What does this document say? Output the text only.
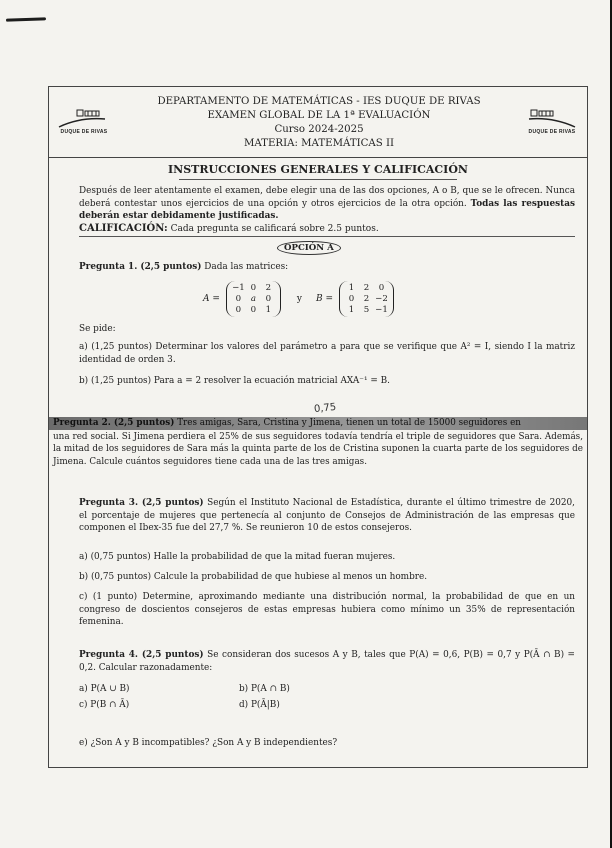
DUQUE DE RIVAS	DUQUE DE RIVAS
DEPARTAMENTO DE MATEMÁTICAS - IES DUQUE DE RIVAS
EXAMEN GLOBAL DE LA 1ª EVALUACIÓN
Curso 2024-2025
MATERIA: MATEMÁTICAS II
INSTRUCCIONES GENERALES Y CALIFICACIÓN

Después de leer atentamente el examen, debe elegir una de las dos opciones, A o B, que se le ofrecen. Nunca deberá contestar unos ejercicios de una opción y otros ejercicios de la otra opción. Todas las respuestas deberán estar debidamente justificadas.

CALIFICACIÓN: Cada pregunta se calificará sobre 2.5 puntos.
OPCIÓN A

Pregunta 1. (2,5 puntos) Dada las matrices:

A =
−1 0	2
0	a	0
0	0	1
y B =
1	2	0
0	2 −2
1	5 −1

Se pide:

a) (1,25 puntos) Determinar los valores del parámetro a para que se verifique que A² = I, siendo I la matriz identidad de orden 3.

b) (1,25 puntos) Para a = 2 resolver la ecuación matricial AXA⁻¹ = B.

0,75
Pregunta 2. (2,5 puntos) Tres amigas, Sara, Cristina y Jimena, tienen un total de 15000 seguidores en

una red social. Si Jimena perdiera el 25% de sus seguidores todavía tendría el triple de seguidores que Sara. Además, la mitad de los seguidores de Sara más la quinta parte de los de Cristina suponen la cuarta parte de los seguidores de Jimena. Calcule cuántos seguidores tiene cada una de las tres amigas.

Pregunta 3. (2,5 puntos) Según el Instituto Nacional de Estadística, durante el último trimestre de 2020, el porcentaje de mujeres que pertenecía al conjunto de Consejos de Administración de las empresas que componen el Ibex-35 fue del 27,7 %. Se reunieron 10 de estos consejeros.

a) (0,75 puntos) Halle la probabilidad de que la mitad fueran mujeres.

b) (0,75 puntos) Calcule la probabilidad de que hubiese al menos un hombre.

c) (1 punto) Determine, aproximando mediante una distribución normal, la probabilidad de que en un congreso de doscientos consejeros de estas empresas hubiera como mínimo un 35% de representación femenina.

Pregunta 4. (2,5 puntos) Se consideran dos sucesos A y B, tales que P(A) = 0,6, P(B) = 0,7 y P(Ā ∩ B) = 0,2. Calcular razonadamente:

a) P(A ∪ B)	b) P(A ∩ B)
c) P(B ∩ Ā)	d) P(Ā|B)

e) ¿Son A y B incompatibles? ¿Son A y B independientes?
